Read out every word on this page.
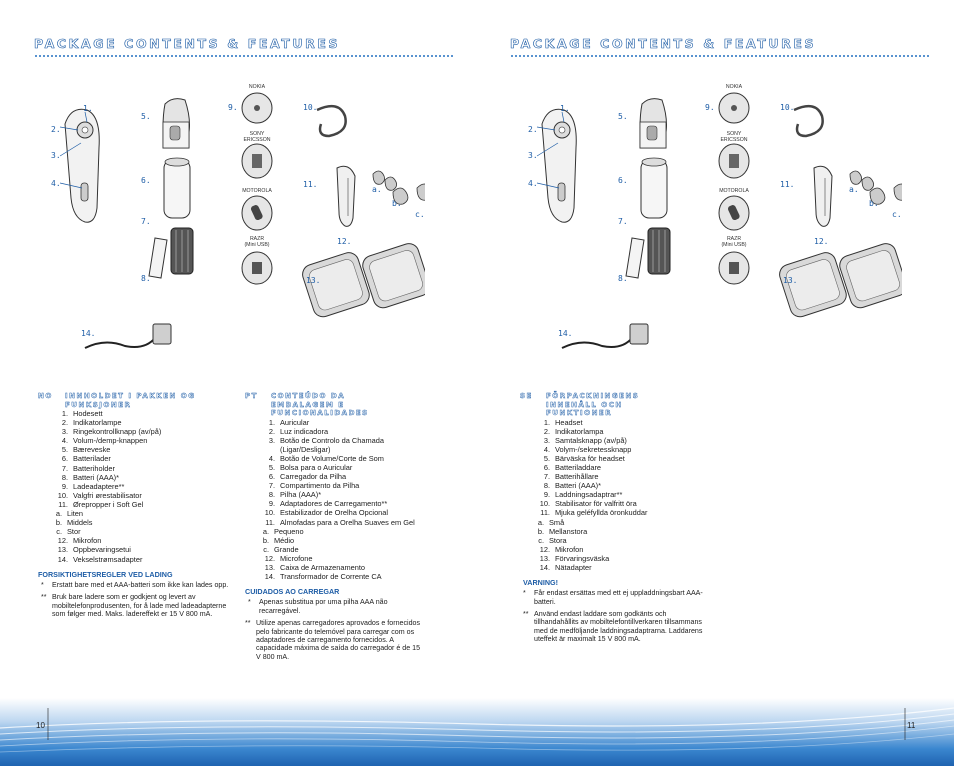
PACKAGE CONTENTS & FEATURES
1.
2.
3.
4.
5.
6.
7.
8.
9.	10.
11.
12.
13.
14.
a.
b.
c.
NOKIA
SONY
ERICSSON
MOTOROLA
RAZR
(Mini USB)
NO	INNHOLDET I PAKKEN OG FUNKSJONER
1. Hodesett
2. Indikatorlampe
3. Ringekontrollknapp (av/på)
4. Volum-/demp-knappen
5. Bæreveske
6. Batterilader
7. Batteriholder
8. Batteri (AAA)*
9. Ladeadaptere**
10. Valgfri ørestabilisator
11. Ørepropper i Soft Gel
a. Liten
b. Middels
c. Stor
12. Mikrofon
13. Oppbevaringsetui
14. Vekselstrømsadapter
FORSIKTIGHETSREGLER VED LADING
*	Erstatt bare med et AAA-batteri som ikke kan lades opp.
** Bruk bare ladere som er godkjent og levert av mobiltelefonprodusenten, for å lade med ladeadapterne som følger med. Maks. ladereffekt er 15 V 800 mA.
PT	CONTEÚDO DA EMBALAGEM E FUNCIONALIDADES
1. Auricular
2. Luz indicadora
3. Botão de Controlo da Chamada (Ligar/Desligar)
4. Botão de Volume/Corte de Som
5. Bolsa para o Auricular
6. Carregador da Pilha
7. Compartimento da Pilha
8. Pilha (AAA)*
9. Adaptadores de Carregamento**
10. Estabilizador de Orelha Opcional
11. Almofadas para a Orelha Suaves em Gel
a. Pequeno
b. Médio
c. Grande
12. Microfone
13. Caixa de Armazenamento
14. Transformador de Corrente CA
CUIDADOS AO CARREGAR
*	Apenas substitua por uma pilha AAA não recarregável.
** Utilize apenas carregadores aprovados e fornecidos pelo fabricante do telemóvel para carregar com os adaptadores de carregamento fornecidos. A capacidade máxima de saída do carregador é de 15 V 800 mA.
PACKAGE CONTENTS & FEATURES
1.
2.
3.
4.
5.
6.
7.
8.
9.	10.
11.
12.
13.
14.
a.
b.
c.
NOKIA
SONY
ERICSSON
MOTOROLA
RAZR
(Mini USB)
SE	FÖRPACKNINGENS INNEHÅLL OCH FUNKTIONER
1. Headset
2. Indikatorlampa
3. Samtalsknapp (av/på)
4. Volym-/sekretessknapp
5. Bärväska för headset
6. Batteriladdare
7. Batterihållare
8. Batteri (AAA)*
9. Laddningsadaptrar**
10. Stabilisator för valfritt öra
11. Mjuka geléfyllda öronkuddar
a. Små
b. Mellanstora
c. Stora
12. Mikrofon
13. Förvaringsväska
14. Nätadapter
VARNING!
*	Får endast ersättas med ett ej uppladdningsbart AAA-batteri.
** Använd endast laddare som godkänts och tillhandahållits av mobiltelefontillverkaren tillsammans med de medföljande laddningsadaptrarna. Laddarens uteffekt är maximalt 15 V 800 mA.
10	11
